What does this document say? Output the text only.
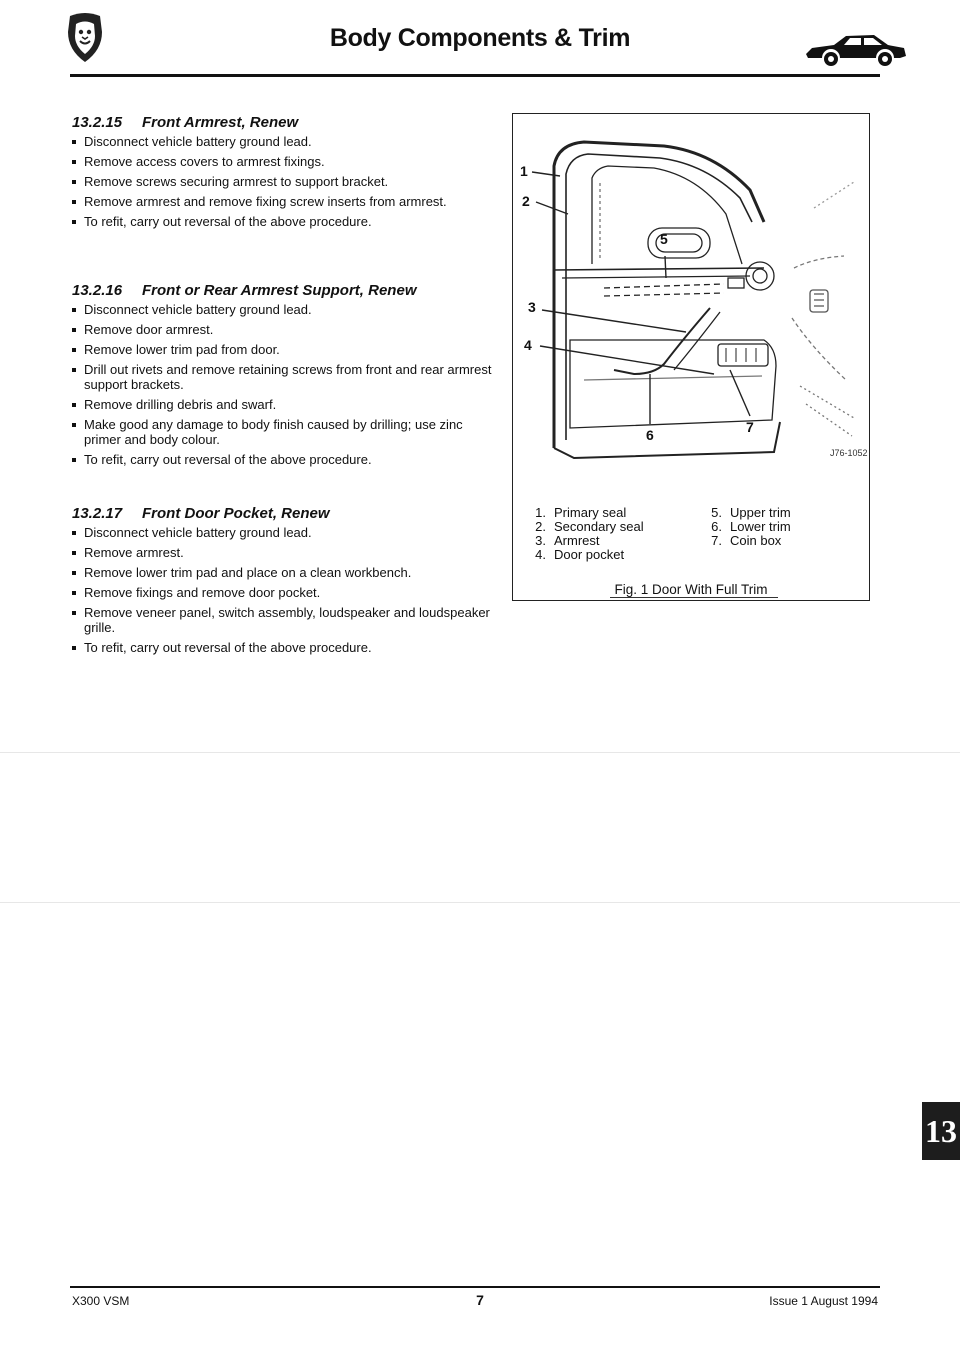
Body Components & Trim
13.2.15 Front Armrest, Renew
Disconnect vehicle battery ground lead.
Remove access covers to armrest fixings.
Remove screws securing armrest to support bracket.
Remove armrest and remove fixing screw inserts from armrest.
To refit, carry out reversal of the above procedure.
13.2.16 Front or Rear Armrest Support, Renew
Disconnect vehicle battery ground lead.
Remove door armrest.
Remove lower trim pad from door.
Drill out rivets and remove retaining screws from front and rear armrest support brackets.
Remove drilling debris and swarf.
Make good any damage to body finish caused by drilling; use zinc primer and body colour.
To refit, carry out reversal of the above procedure.
13.2.17 Front Door Pocket, Renew
Disconnect vehicle battery ground lead.
Remove armrest.
Remove lower trim pad and place on a clean workbench.
Remove fixings and remove door pocket.
Remove veneer panel, switch assembly, loudspeaker and loudspeaker grille.
To refit, carry out reversal of the above procedure.
1
2
3
4
5
6	7
J76-1052
1. Primary seal
2. Secondary seal
3. Armrest
4. Door pocket
5. Upper trim
6. Lower trim
7. Coin box
Fig. 1 Door With Full Trim
13
X300 VSM	7	Issue 1 August 1994
